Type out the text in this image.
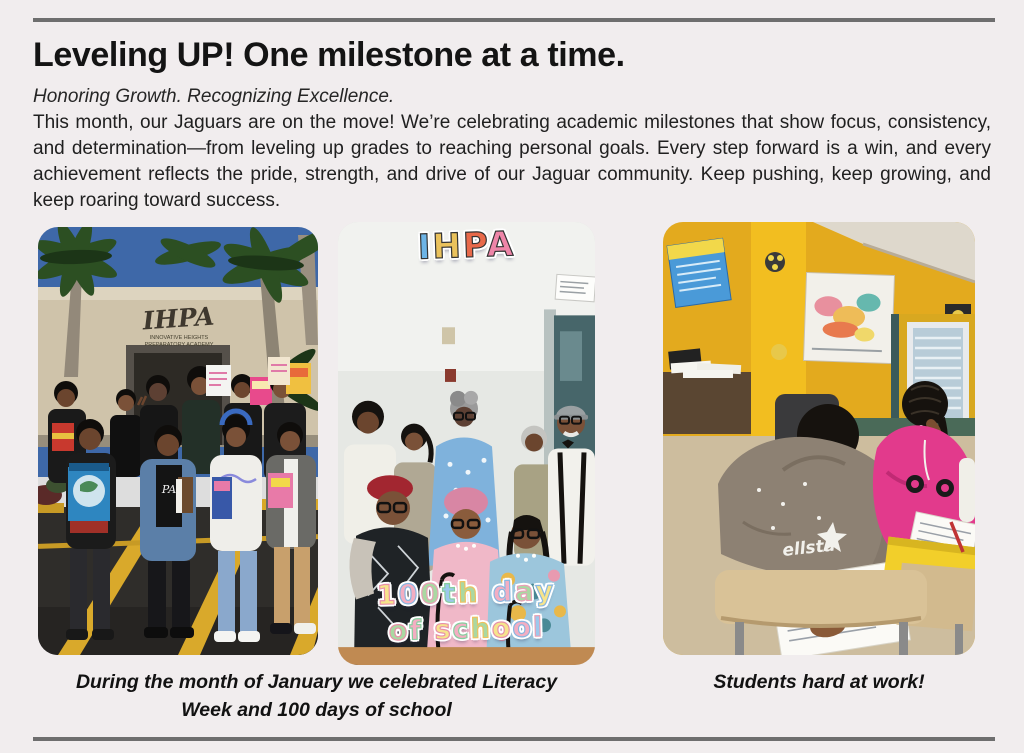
Leveling UP! One milestone at a time.

Honoring Growth. Recognizing Excellence.

This month, our Jaguars are on the move! We’re celebrating academic milestones that show focus, consistency, and determination—from leveling up grades to reaching personal goals. Every step forward is a win, and every achievement reflects the pride, strength, and drive of our Jaguar community. Keep pushing, keep growing, and keep roaring toward success.

IHPA
INNOVATIVE HEIGHTS
PREPARATORY ACADEMY
PA
IHPA
100th day
of school
ellsta
During the month of January we celebrated Literacy
Week and 100 days of school
Students hard at work!
